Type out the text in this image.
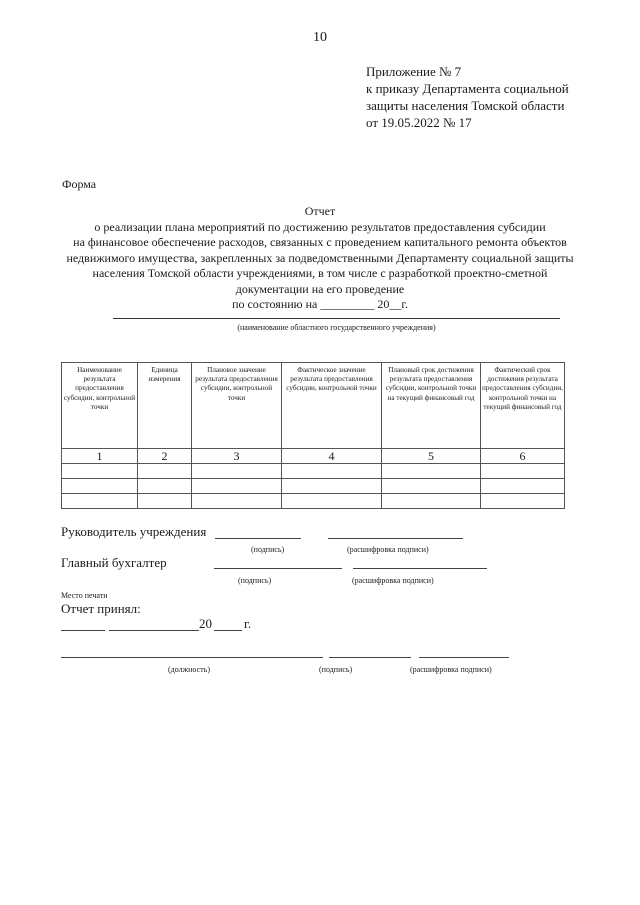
10
Приложение № 7
к приказу Департамента социальной
защиты населения Томской области
от 19.05.2022 № 17
Форма
Отчет
о реализации плана мероприятий по достижению результатов предоставления субсидии
на финансовое обеспечение расходов, связанных с проведением капитального ремонта объектов
недвижимого имущества, закрепленных за подведомственными Департаменту социальной защиты
населения Томской области учреждениями, в том числе с разработкой проектно-сметной
документации на его проведение
по состоянию на _________ 20__г.
(наименование областного государственного учреждения)
Наименование результата предоставления субсидии, контрольной точки	Единица измерения	Плановое значение результата предоставления субсидии, контрольной точки	Фактическое значение результата предоставления субсидии, контрольной точки	Плановый срок достижения результата предоставления субсидии, контрольной точки на текущий финансовый год	Фактический срок достижения результата предоставления субсидии, контрольной точки на текущий финансовый год
1	2	3	4	5	6

Руководитель учреждения
(подпись)	(расшифровка подписи)
Главный бухгалтер
(подпись)	(расшифровка подписи)
Место печати
Отчет принял:
20 г.
(должность)	(подпись)	(расшифровка подписи)
